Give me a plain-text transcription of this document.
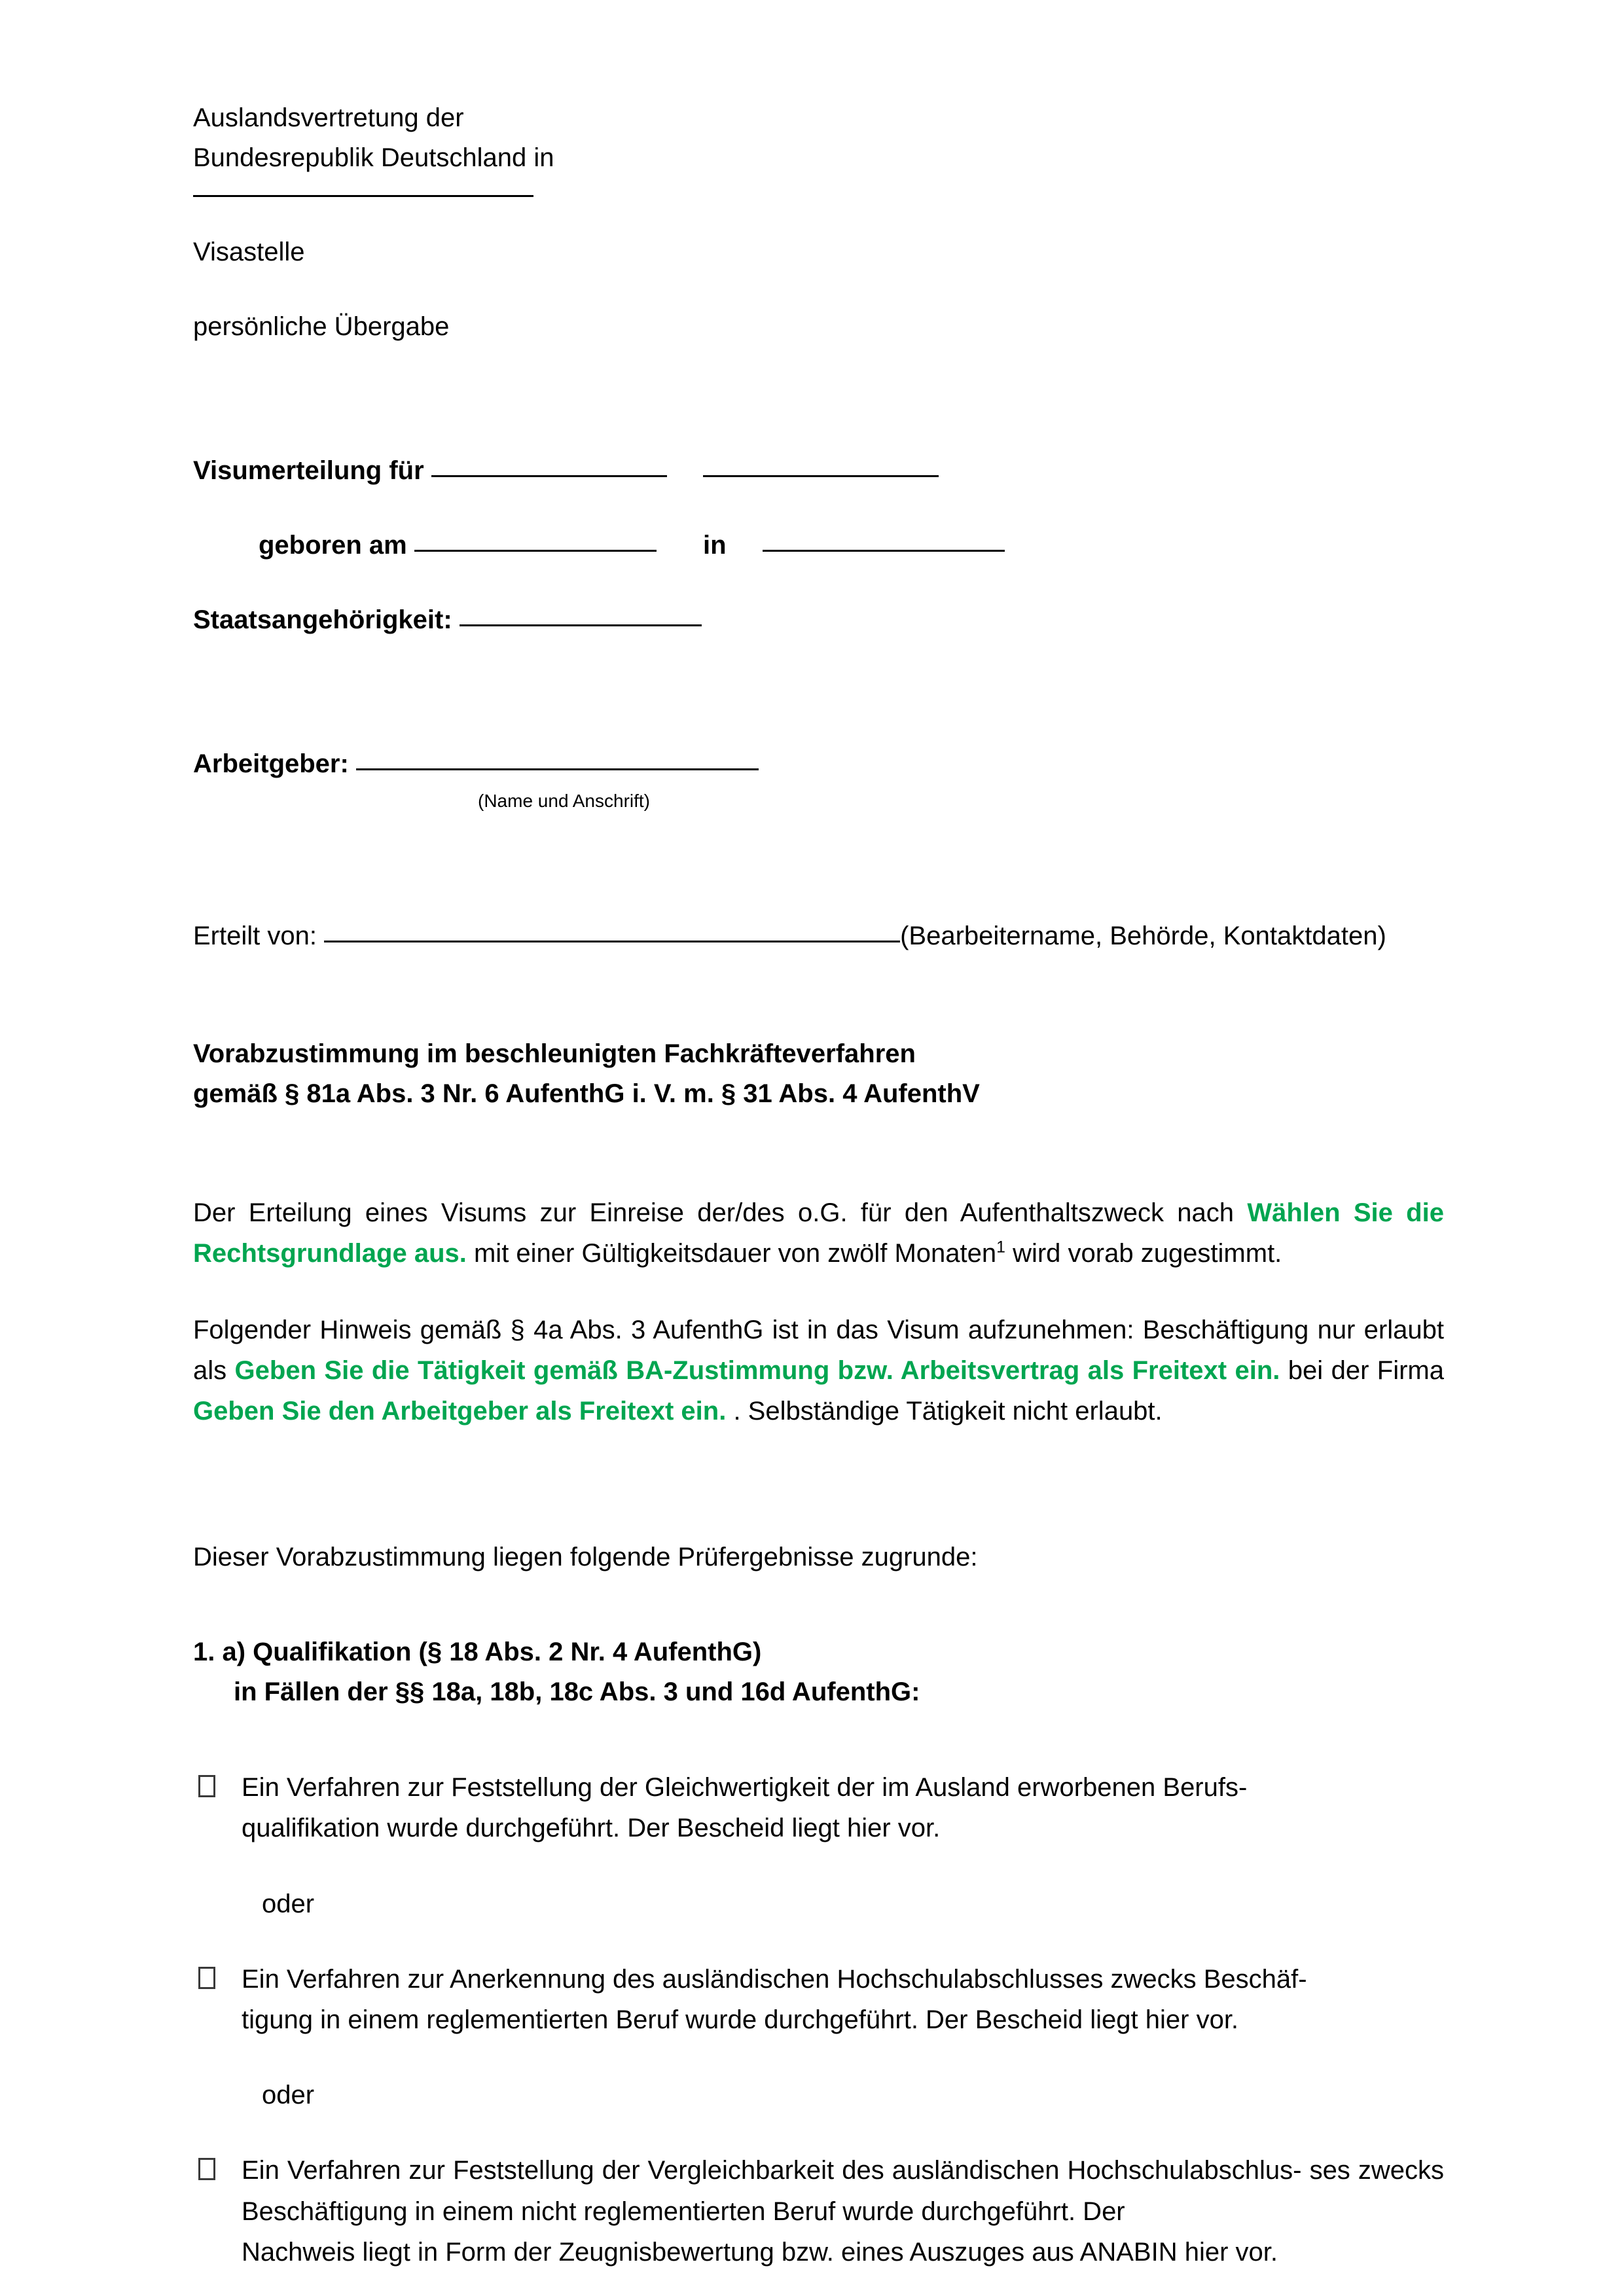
Auslandsvertretung der
Bundesrepublik Deutschland in

Visastelle

persönliche Übergabe

Visumerteilung für

geboren am	in

Staatsangehörigkeit:

Arbeitgeber:

(Name und Anschrift)

Erteilt von:	(Bearbeitername, Behörde, Kontaktdaten)

Vorabzustimmung im beschleunigten Fachkräfteverfahren
gemäß § 81a Abs. 3 Nr. 6 AufenthG i. V. m. § 31 Abs. 4 AufenthV

Der Erteilung eines Visums zur Einreise der/des o.G. für den Aufenthaltszweck nach Wählen Sie die Rechtsgrundlage aus. mit einer Gültigkeitsdauer von zwölf Monaten$^1$ wird vorab zugestimmt.

Folgender Hinweis gemäß § 4a Abs. 3 AufenthG ist in das Visum aufzunehmen: Beschäftigung nur erlaubt als Geben Sie die Tätigkeit gemäß BA-Zustimmung bzw. Arbeitsvertrag als Freitext ein. bei der Firma Geben Sie den Arbeitgeber als Freitext ein. . Selbständige Tätigkeit nicht erlaubt.

Dieser Vorabzustimmung liegen folgende Prüfergebnisse zugrunde:

1. a) Qualifikation (§ 18 Abs. 2 Nr. 4 AufenthG)
in Fällen der §§ 18a, 18b, 18c Abs. 3 und 16d AufenthG:

Ein Verfahren zur Feststellung der Gleichwertigkeit der im Ausland erworbenen Berufs-
qualifikation wurde durchgeführt. Der Bescheid liegt hier vor.

oder

Ein Verfahren zur Anerkennung des ausländischen Hochschulabschlusses zwecks Beschäf-
tigung in einem reglementierten Beruf wurde durchgeführt. Der Bescheid liegt hier vor.

oder

Ein Verfahren zur Feststellung der Vergleichbarkeit des ausländischen Hochschulabschlus- ses zwecks Beschäftigung in einem nicht reglementierten Beruf wurde durchgeführt. Der
Nachweis liegt in Form der Zeugnisbewertung bzw. eines Auszuges aus ANABIN hier vor.
